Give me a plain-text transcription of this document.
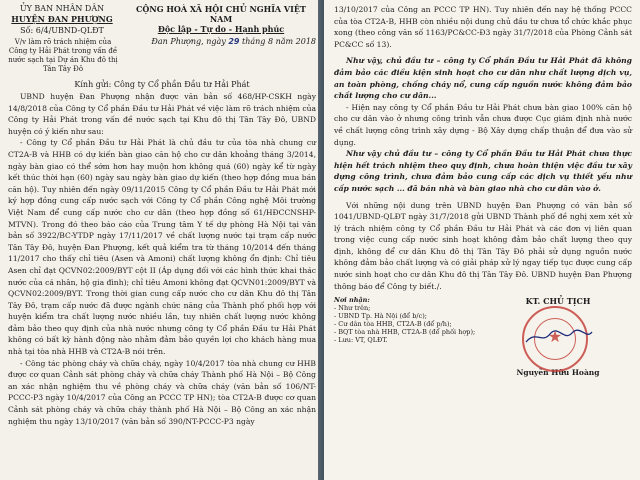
ỦY BAN NHÂN DÂN
HUYỆN ĐAN PHƯỢNG
Số: 6/4/UBND-QLĐT
CỘNG HOÀ XÃ HỘI CHỦ NGHĨA VIỆT NAM
Độc lập - Tự do - Hạnh phúc
Đan Phượng, ngày 29 tháng 8 năm 2018
V/v làm rõ trách nhiệm của Công ty Hải Phát trong vấn đề nước sạch tại Dự án Khu đô thị Tân Tây Đô
Kính gửi: Công ty Cổ phần Đầu tư Hải Phát

UBND huyện Đan Phượng nhận được văn bản số 468/HP-CSKH ngày 14/8/2018 của Công ty Cổ phần Đầu tư Hải Phát về việc làm rõ trách nhiệm của Công ty Hải Phát trong vấn đề nước sạch tại Khu đô thị Tân Tây Đô, UBND huyện có ý kiến như sau:

- Công ty Cổ phần Đầu tư Hải Phát là chủ đầu tư của tòa nhà chung cư CT2A-B và HHB có dự kiến bàn giao căn hộ cho cư dân khoảng tháng 3/2014, ngày bàn giao có thể sớm hơn hay muộn hơn không quá (60) ngày kể từ ngày kết thúc thời hạn (60) ngày sau ngày bàn giao dự kiến (theo hợp đồng mua bán căn hộ). Tuy nhiên đến ngày 09/11/2015 Công ty Cổ phần Đầu tư Hải Phát mới ký hợp đồng cung cấp nước sạch với Công ty Cổ phần Công nghệ Môi trường Việt Nam để cung cấp nước cho cư dân (theo hợp đồng số 61/HĐCCNSHP-MTVN). Trong đó theo báo cáo của Trung tâm Y tế dự phòng Hà Nội tại văn bản số 3922/BC-YTDP ngày 17/11/2017 về chất lượng nước tại trạm cấp nước Tân Tây Đô, huyện Đan Phượng, kết quả kiểm tra từ tháng 10/2014 đến tháng 11/2017 cho thấy chỉ tiêu (Asen và Amoni) chất lượng không ổn định: Chỉ tiêu Asen chỉ đạt QCVN02:2009/BYT cột II (Áp dụng đối với các hình thức khai thác nước của cá nhân, hộ gia đình); chỉ tiêu Amoni không đạt QCVN01:2009/BYT và QCVN02:2009/BYT. Trong thời gian cung cấp nước cho cư dân Khu đô thị Tân Tây Đô, trạm cấp nước đã được ngành chức năng của Thành phố phối hợp với huyện kiểm tra chất lượng nước nhiều lần, tuy nhiên chất lượng nước không đảm bảo theo quy định của nhà nước nhưng công ty Cổ phần Đầu tư Hải Phát không có bất kỳ hành động nào nhằm đảm bảo quyền lợi cho khách hàng mua nhà tại tòa nhà HHB và CT2A-B nói trên.

- Công tác phòng cháy và chữa cháy, ngày 10/4/2017 tòa nhà chung cư HHB được cơ quan Cảnh sát phòng cháy và chữa cháy Thành phố Hà Nội – Bộ Công an xác nhận nghiệm thu về phòng cháy và chữa cháy (văn bản số 106/NT-PCCC-P3 ngày 10/4/2017 của Công an PCCC TP HN); tòa CT2A-B được cơ quan Cảnh sát phòng cháy và chữa cháy thành phố Hà Nội – Bộ Công an xác nhận nghiệm thu ngày 13/10/2017 (văn bản số 390/NT-PCCC-P3 ngày

13/10/2017 của Công an PCCC TP HN). Tuy nhiên đến nay hệ thống PCCC của tòa CT2A-B, HHB còn nhiều nội dung chủ đầu tư chưa tổ chức khắc phục xong (theo công văn số 1163/PC&CC-Đ3 ngày 31/7/2018 của Phòng Cảnh sát PC&CC số 13).

Như vậy, chủ đầu tư – công ty Cổ phần Đầu tư Hải Phát đã không đảm bảo các điều kiện sinh hoạt cho cư dân như chất lượng dịch vụ, an toàn phòng, chống cháy nổ, cung cấp nguồn nước không đảm bảo chất lượng cho cư dân...

- Hiện nay công ty Cổ phần Đầu tư Hải Phát chưa bàn giao 100% căn hộ cho cư dân vào ở nhưng công trình vẫn chưa được Cục giám định nhà nước về chất lượng công trình xây dựng - Bộ Xây dựng chấp thuận để đưa vào sử dụng.

Như vậy chủ đầu tư – công ty Cổ phần Đầu tư Hải Phát chưa thực hiện hết trách nhiệm theo quy định, chưa hoàn thiện việc đầu tư xây dựng công trình, chưa đảm bảo cung cấp các dịch vụ thiết yếu như cấp nước sạch ... đã bán nhà và bàn giao nhà cho cư dân vào ở.

Với những nội dung trên UBND huyện Đan Phượng có văn bản số 1041/UBND-QLĐT ngày 31/7/2018 gửi UBND Thành phố đề nghị xem xét xử lý trách nhiệm công ty Cổ phần Đầu tư Hải Phát và các đơn vị liên quan trong việc cung cấp nước sinh hoạt không đảm bảo chất lượng theo quy định, không để cư dân Khu đô thị Tân Tây Đô phải sử dụng nguồn nước không đảm bảo chất lượng và có giải pháp xử lý ngay tiếp tục được cung cấp nước sinh hoạt cho cư dân Khu đô thị Tân Tây Đô. UBND huyện Đan Phượng thông báo để Công ty biết./.

Nơi nhận:
- Như trên;
- UBND Tp. Hà Nội (để b/c);
- Cư dân tòa HHB, CT2A-B (để p/h);
- BQT tòa nhà HHB, CT2A-B (để phối hợp);
- Lưu: VT, QLĐT.
KT. CHỦ TỊCH
★
Nguyễn Hữu Hoàng
